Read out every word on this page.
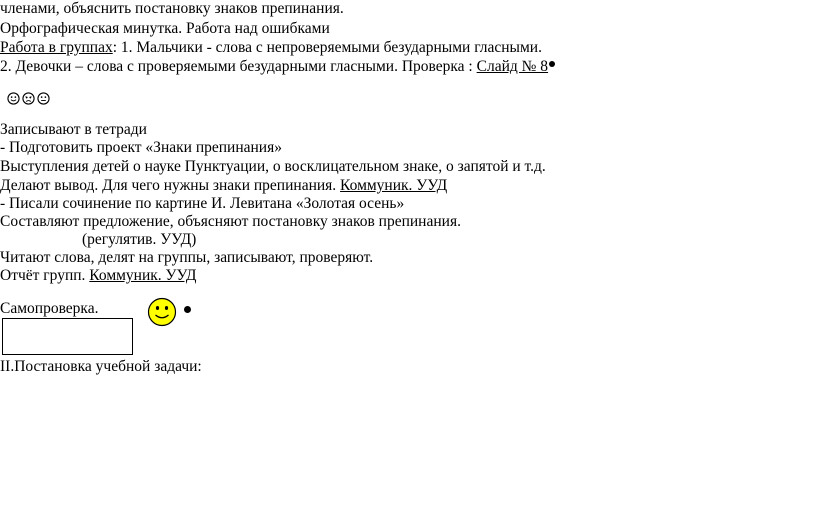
членами, объяснить постановку знаков препинания.
Орфографическая минутка. Работа над ошибками
Работа в группах: 1. Мальчики - слова с непроверяемыми безударными гласными.
2. Девочки – слова с проверяемыми безударными гласными. Проверка : Слайд № 8
Записывают в тетради
- Подготовить проект «Знаки препинания»
Выступления детей о науке Пунктуации, о восклицательном знаке, о запятой и т.д.
Делают вывод. Для чего нужны знаки препинания. Коммуник. УУД
- Писали сочинение по картине И. Левитана «Золотая осень»
Составляют предложение, объясняют постановку знаков препинания.
(регулятив. УУД)
Читают слова, делят на группы, записывают, проверяют.
Отчёт групп. Коммуник. УУД
Самопроверка.
II.Постановка учебной задачи:
